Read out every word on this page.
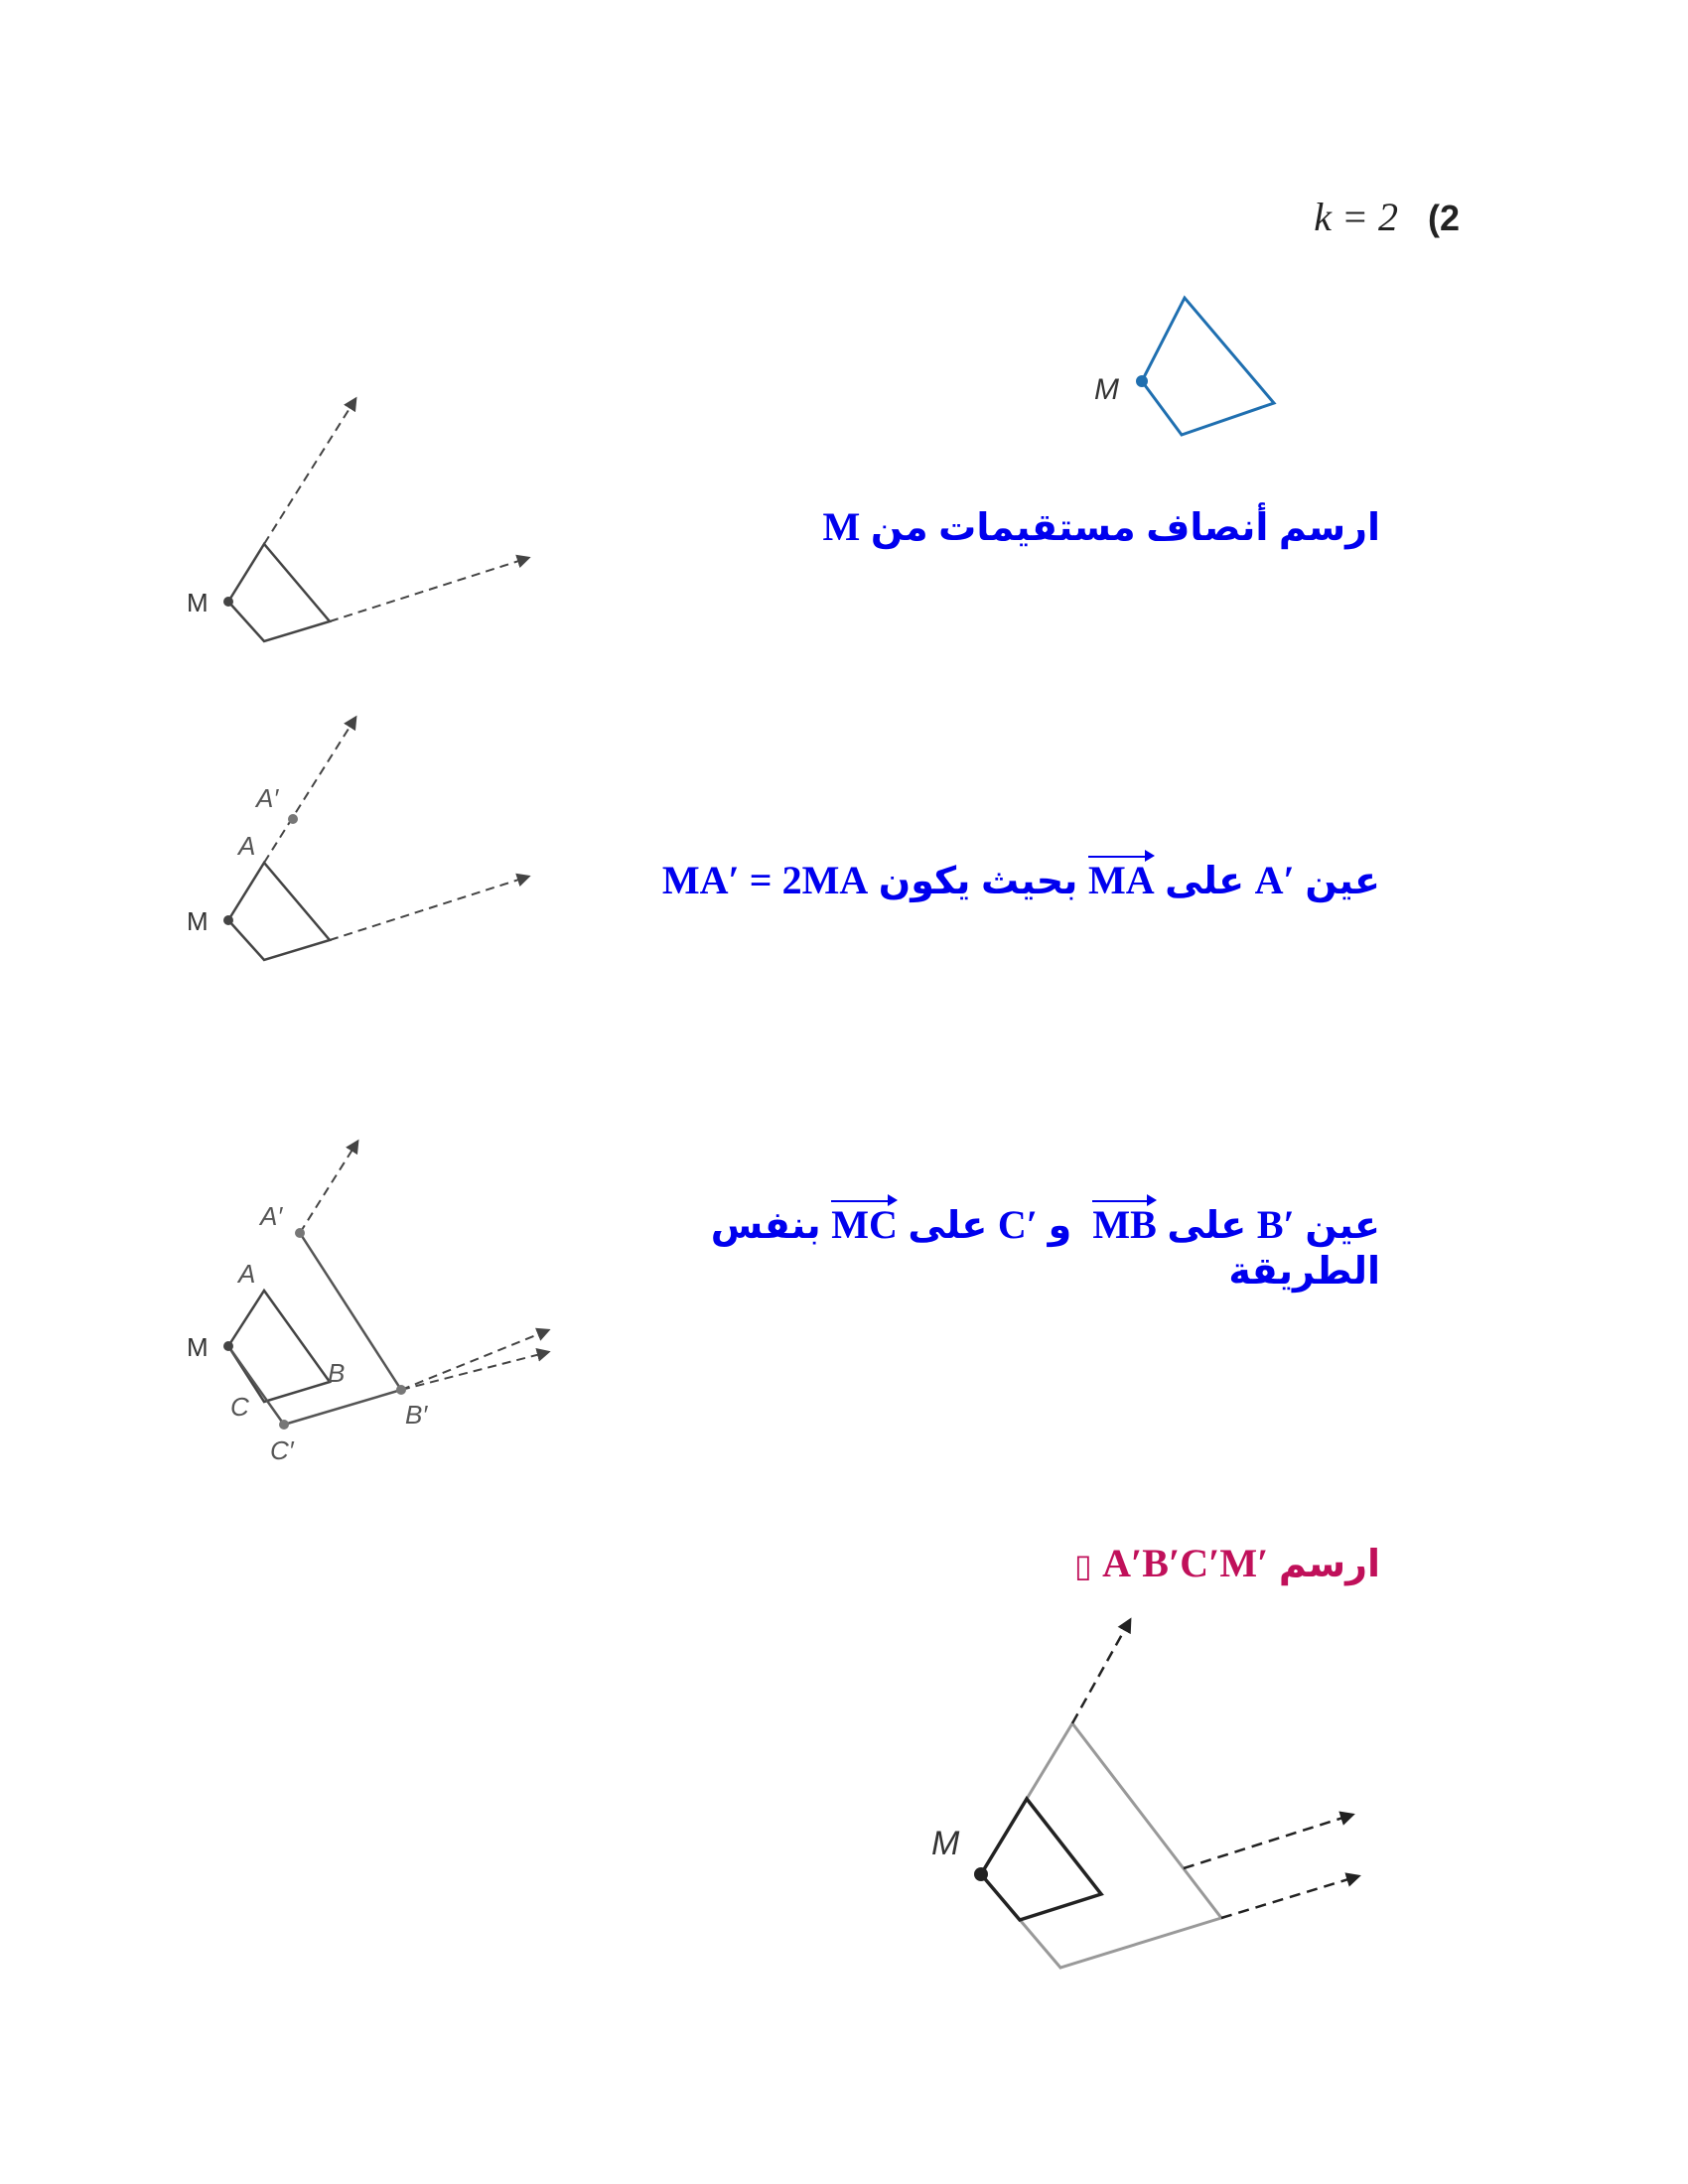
k = 2 (2
M
ارسم أنصاف مستقيمات من M
M
عين A′ على MA بحيث يكون MA′ = 2MA
M
A
A′
عين B′ على MB  و C′ على MC بنفس
الطريقة
M
A
A′
B
B′
C
C′
ارسم A′B′C′M′ ▯
M
